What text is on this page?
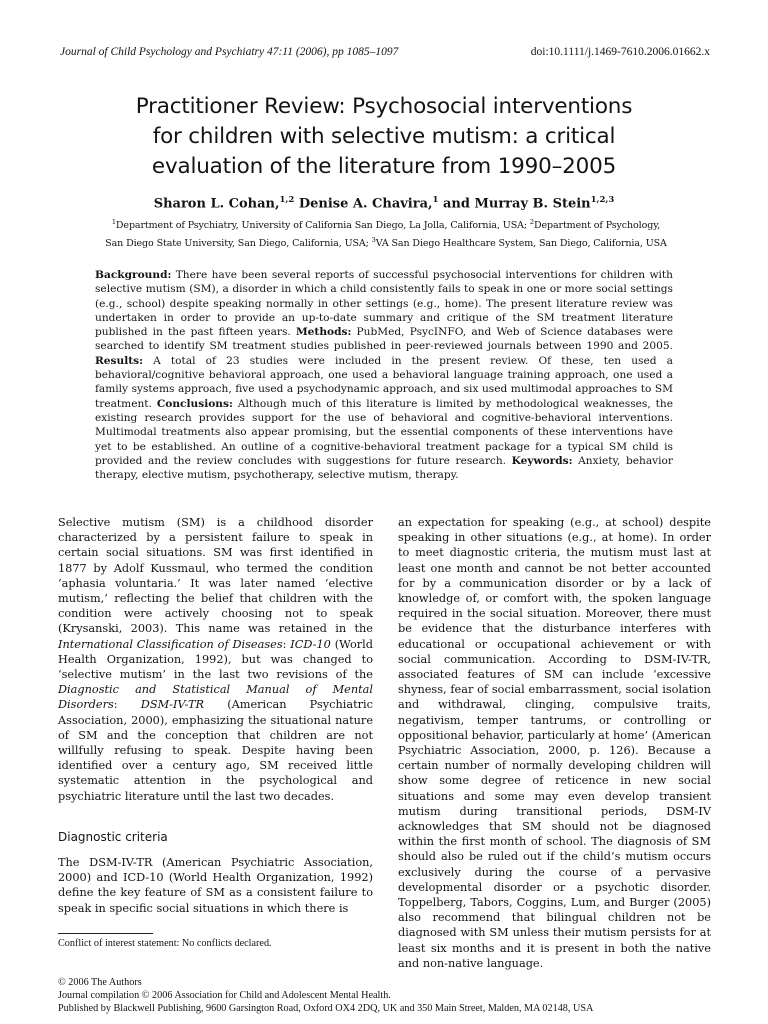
Journal of Child Psychology and Psychiatry 47:11 (2006), pp 1085–1097	doi:10.1111/j.1469-7610.2006.01662.x
Practitioner Review: Psychosocial interventions
for children with selective mutism: a critical
evaluation of the literature from 1990–2005
Sharon L. Cohan,$^{1,2}$ Denise A. Chavira,$^1$ and Murray B. Stein$^{1,2,3}$
$^1$Department of Psychiatry, University of California San Diego, La Jolla, California, USA; $^2$Department of Psychology,
San Diego State University, San Diego, California, USA; $^3$VA San Diego Healthcare System, San Diego, California, USA
Background: There have been several reports of successful psychosocial interventions for children with selective mutism (SM), a disorder in which a child consistently fails to speak in one or more social settings (e.g., school) despite speaking normally in other settings (e.g., home). The present literature review was undertaken in order to provide an up-to-date summary and critique of the SM treatment literature published in the past fifteen years. Methods: PubMed, PsycINFO, and Web of Science databases were searched to identify SM treatment studies published in peer-reviewed journals between 1990 and 2005. Results: A total of 23 studies were included in the present review. Of these, ten used a behavioral/cognitive behavioral approach, one used a behavioral language training approach, one used a family systems approach, five used a psychodynamic approach, and six used multimodal approaches to SM treatment. Conclusions: Although much of this literature is limited by methodological weaknesses, the existing research provides support for the use of behavioral and cognitive-behavioral interventions. Multimodal treatments also appear promising, but the essential components of these interventions have yet to be established. An outline of a cognitive-behavioral treatment package for a typical SM child is provided and the review concludes with suggestions for future research. Keywords: Anxiety, behavior therapy, elective mutism, psychotherapy, selective mutism, therapy.

Selective mutism (SM) is a childhood disorder characterized by a persistent failure to speak in certain social situations. SM was first identified in 1877 by Adolf Kussmaul, who termed the condition ‘aphasia voluntaria.’ It was later named ‘elective mutism,’ reflecting the belief that children with the condition were actively choosing not to speak (Krysanski, 2003). This name was retained in the International Classification of Diseases: ICD-10 (World Health Organization, 1992), but was changed to ‘selective mutism’ in the last two revisions of the Diagnostic and Statistical Manual of Mental Disorders: DSM-IV-TR (American Psychiatric Association, 2000), emphasizing the situational nature of SM and the conception that children are not willfully refusing to speak. Despite having been identified over a century ago, SM received little systematic attention in the psychological and psychiatric literature until the last two decades.

Diagnostic criteria

The DSM-IV-TR (American Psychiatric Association, 2000) and ICD-10 (World Health Organization, 1992) define the key feature of SM as a consistent failure to speak in specific social situations in which there is

an expectation for speaking (e.g., at school) despite speaking in other situations (e.g., at home). In order to meet diagnostic criteria, the mutism must last at least one month and cannot be not better accounted for by a communication disorder or by a lack of knowledge of, or comfort with, the spoken language required in the social situation. Moreover, there must be evidence that the disturbance interferes with educational or occupational achievement or with social communication. According to DSM-IV-TR, associated features of SM can include ‘excessive shyness, fear of social embarrassment, social isolation and withdrawal, clinging, compulsive traits, negativism, temper tantrums, or controlling or oppositional behavior, particularly at home’ (American Psychiatric Association, 2000, p. 126). Because a certain number of normally developing children will show some degree of reticence in new social situations and some may even develop transient mutism during transitional periods, DSM-IV acknowledges that SM should not be diagnosed within the first month of school. The diagnosis of SM should also be ruled out if the child’s mutism occurs exclusively during the course of a pervasive developmental disorder or a psychotic disorder. Toppelberg, Tabors, Coggins, Lum, and Burger (2005) also recommend that bilingual children not be diagnosed with SM unless their mutism persists for at least six months and it is present in both the native and non-native language.

Conflict of interest statement: No conflicts declared.
© 2006 The Authors
Journal compilation © 2006 Association for Child and Adolescent Mental Health.
Published by Blackwell Publishing, 9600 Garsington Road, Oxford OX4 2DQ, UK and 350 Main Street, Malden, MA 02148, USA
